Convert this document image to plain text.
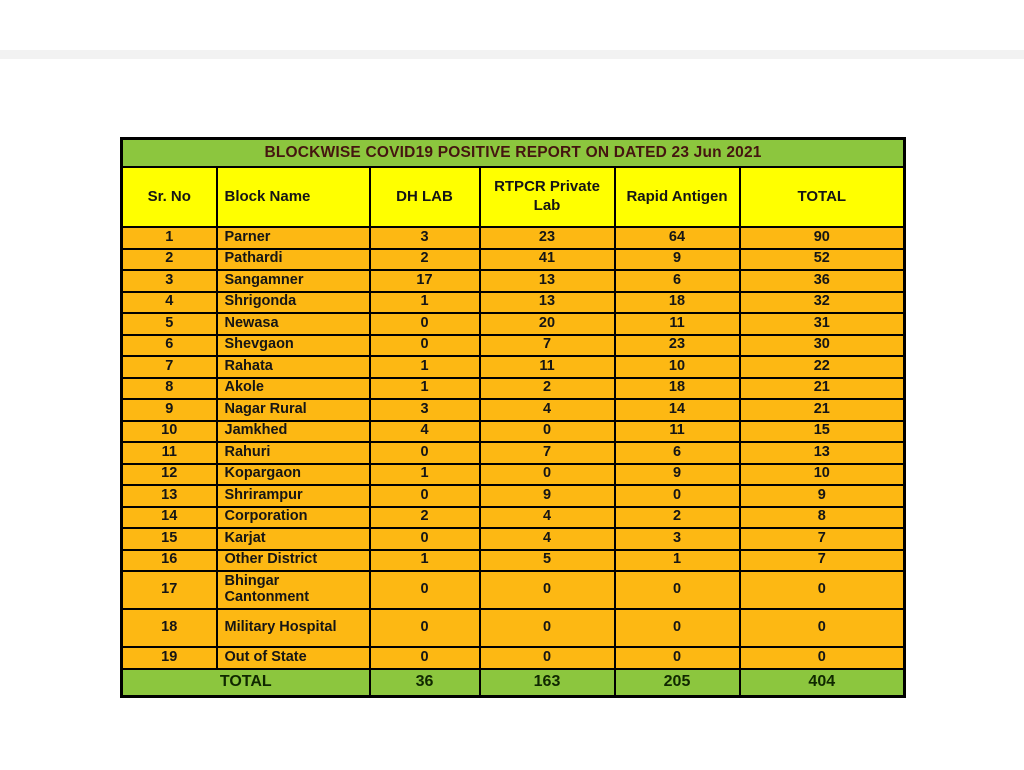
BLOCKWISE COVID19 POSITIVE REPORT ON DATED 23 Jun 2021					
Sr. No	Block Name	DH LAB	RTPCR Private Lab	Rapid Antigen	TOTAL
1	Parner	3	23	64	90
2	Pathardi	2	41	9	52
3	Sangamner	17	13	6	36
4	Shrigonda	1	13	18	32
5	Newasa	0	20	11	31
6	Shevgaon	0	7	23	30
7	Rahata	1	11	10	22
8	Akole	1	2	18	21
9	Nagar Rural	3	4	14	21
10	Jamkhed	4	0	11	15
11	Rahuri	0	7	6	13
12	Kopargaon	1	0	9	10
13	Shrirampur	0	9	0	9
14	Corporation	2	4	2	8
15	Karjat	0	4	3	7
16	Other District	1	5	1	7
17	Bhingar Cantonment	0	0	0	0
18	Military Hospital	0	0	0	0
19	Out of State	0	0	0	0
TOTAL		36	163	205	404
